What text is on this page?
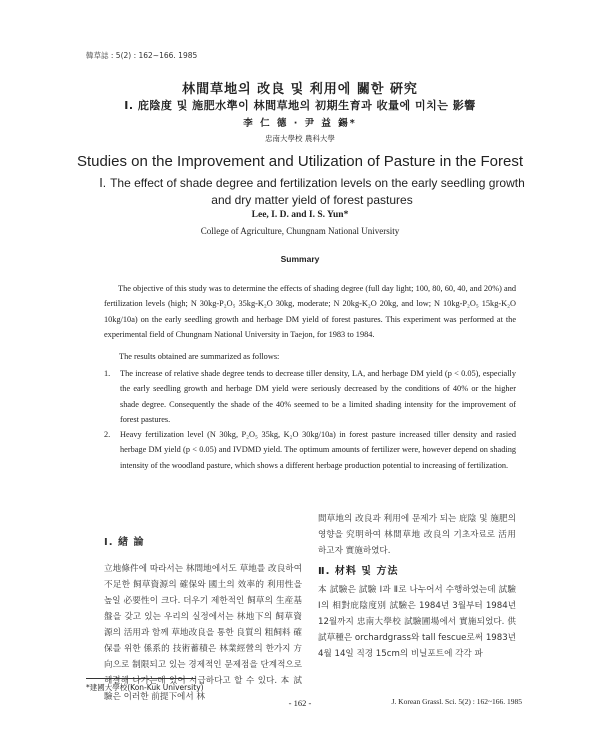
韓草誌 : 5(2) : 162~166. 1985
林間草地의 改良 및 利用에 關한 硏究
Ⅰ. 庇陰度 및 施肥水準이 林間草地의 初期生育과 收量에 미치는 影響
李 仁 德 · 尹 益 錫*
忠南大學校 農科大學
Studies on the Improvement and Utilization of Pasture in the Forest
Ⅰ. The effect of shade degree and fertilization levels on the early seedling growth and dry matter yield of forest pastures
Lee, I. D. and I. S. Yun*
College of Agriculture, Chungnam National University
Summary

The objective of this study was to determine the effects of shading degree (full day light; 100, 80, 60, 40, and 20%) and fertilization levels (high; N 30kg-P₂O₅ 35kg-K₂O 30kg, moderate; N 20kg-K₂O 20kg, and low; N 10kg-P₂O₅ 15kg-K₂O 10kg/10a) on the early seedling growth and herbage DM yield of forest pastures. This experiment was performed at the experimental field of Chungnam National University in Taejon, for 1983 to 1984.

The results obtained are summarized as follows:
1. The increase of relative shade degree tends to decrease tiller density, LA, and herbage DM yield (p < 0.05), especially the early seedling growth and herbage DM yield were seriously decreased by the conditions of 40% or the higher shade degree. Consequently the shade of the 40% seemed to be a limited shading intensity for the improvement of forest pastures.
2. Heavy fertilization level (N 30kg, P₂O₅ 35kg, K₂O 30kg/10a) in forest pasture increased tiller density and rasied herbage DM yield (p < 0.05) and IVDMD yield. The optimum amounts of fertilizer were, however depend on shading intensity of the woodland pasture, which shows a different herbage production potential to increasing of fertilization.
Ⅰ. 緖 論

立地條件에 따라서는 林間地에서도 草地를 改良하여 不足한 飼草資源의 確保와 國土의 效率的 利用性을 높일 必要性이 크다. 더우기 제한적인 飼草의 生産基盤을 갖고 있는 우리의 실정에서는 林地下의 飼草資源의 活用과 함께 草地改良을 통한 良質의 粗飼料 確保를 위한 係系的 技術蓄積은 林業經營의 한가지 方向으로 制限되고 있는 경제적인 문제점을 단계적으로 해결해 나가는데 있어 시급하다고 할 수 있다. 本 試驗은 이러한 前提下에서 林

間草地의 改良과 利用에 문제가 되는 庇陰 및 施肥의 영향을 究明하여 林間草地 改良의 기초자료로 活用하고자 實施하였다.

Ⅱ. 材料 및 方法
本 試驗은 試驗 Ⅰ과 Ⅱ로 나누어서 수행하였는데 試驗 Ⅰ의 相對庇陰度別 試驗은 1984년 3월부터 1984년 12월까지 忠南大學校 試驗圃場에서 實施되었다. 供試草種은 orchardgrass와 tall fescue로써 1983년 4월 14일 직경 15cm의 비닐포트에 각각 파
*建國大學校(Kon-Kuk University)
- 162 -	J. Korean Grassl. Sci. 5(2) : 162~166. 1985
